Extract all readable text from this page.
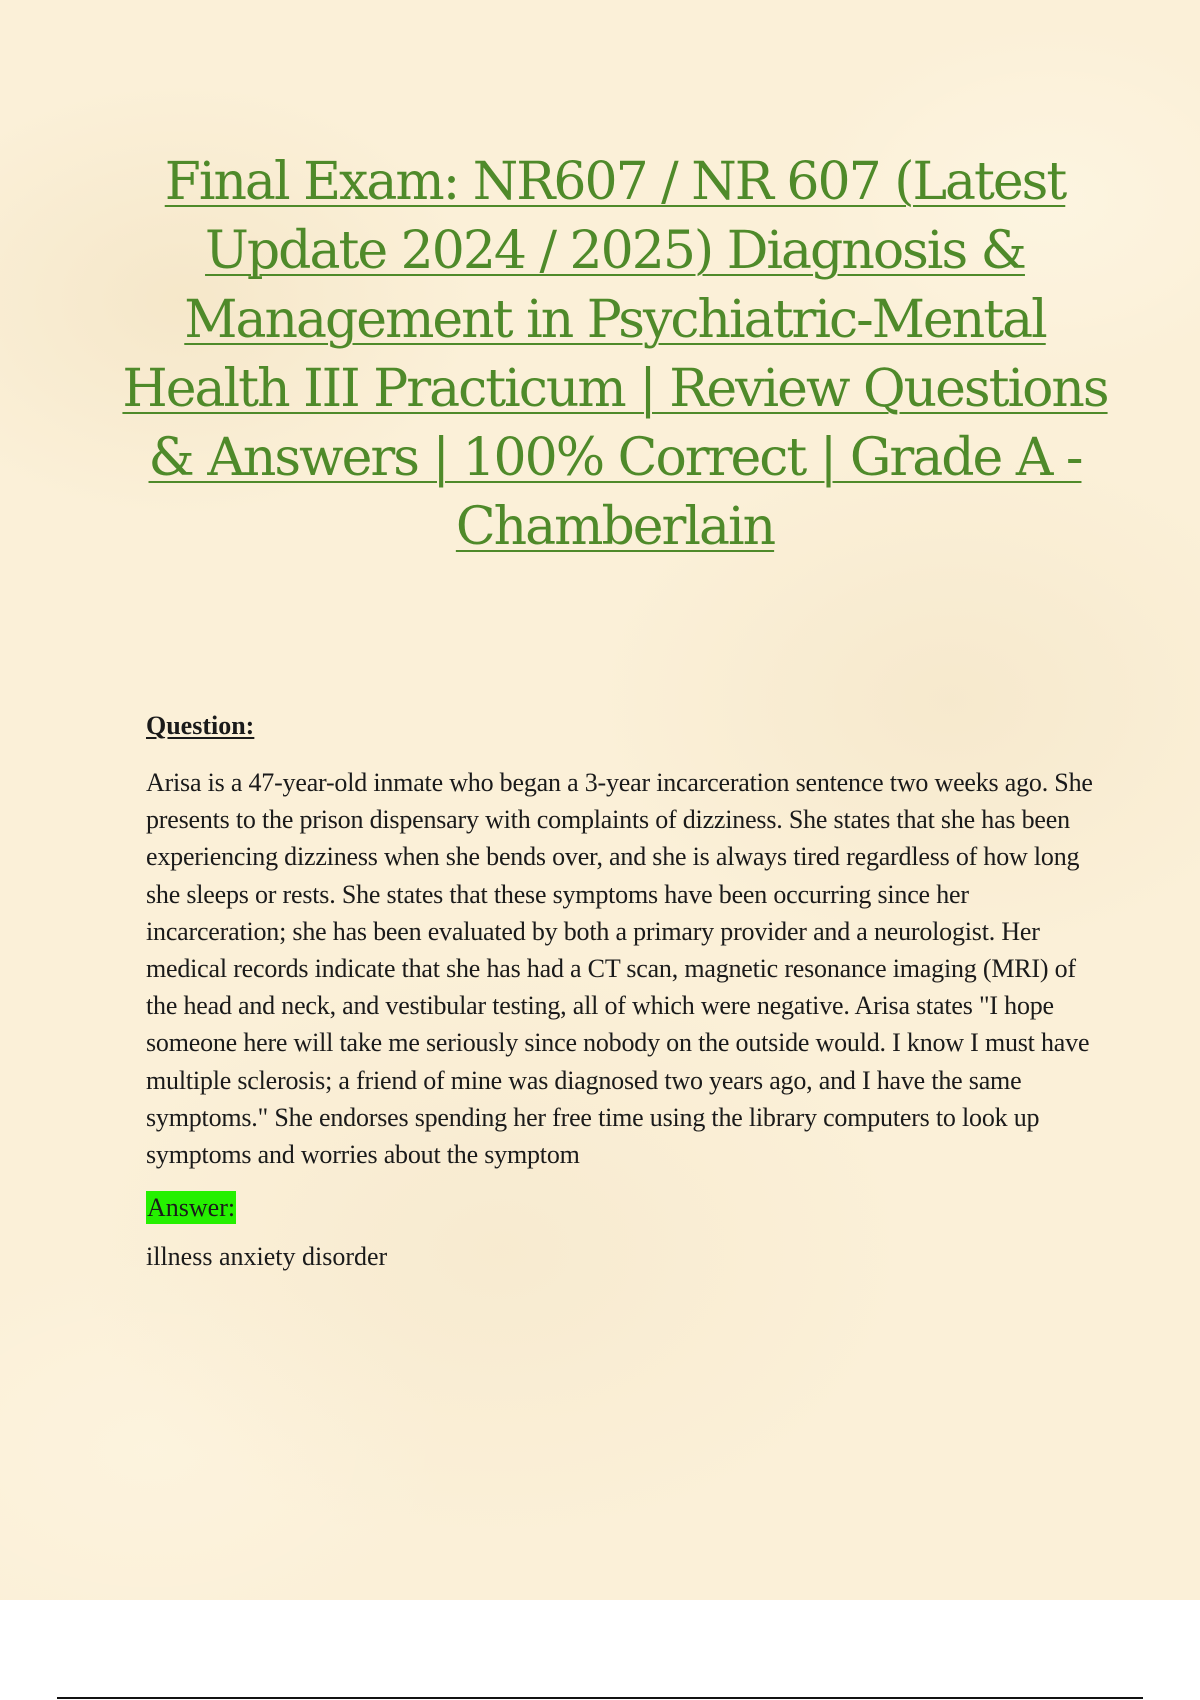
Final Exam: NR607 / NR 607 (Latest Update 2024 / 2025) Diagnosis & Management in Psychiatric-Mental Health III Practicum | Review Questions & Answers | 100% Correct | Grade A - Chamberlain

Question:

Arisa is a 47-year-old inmate who began a 3-year incarceration sentence two weeks ago. She presents to the prison dispensary with complaints of dizziness. She states that she has been experiencing dizziness when she bends over, and she is always tired regardless of how long she sleeps or rests. She states that these symptoms have been occurring since her incarceration; she has been evaluated by both a primary provider and a neurologist. Her medical records indicate that she has had a CT scan, magnetic resonance imaging (MRI) of the head and neck, and vestibular testing, all of which were negative. Arisa states "I hope someone here will take me seriously since nobody on the outside would. I know I must have multiple sclerosis; a friend of mine was diagnosed two years ago, and I have the same symptoms." She endorses spending her free time using the library computers to look up symptoms and worries about the symptom

Answer:

illness anxiety disorder
